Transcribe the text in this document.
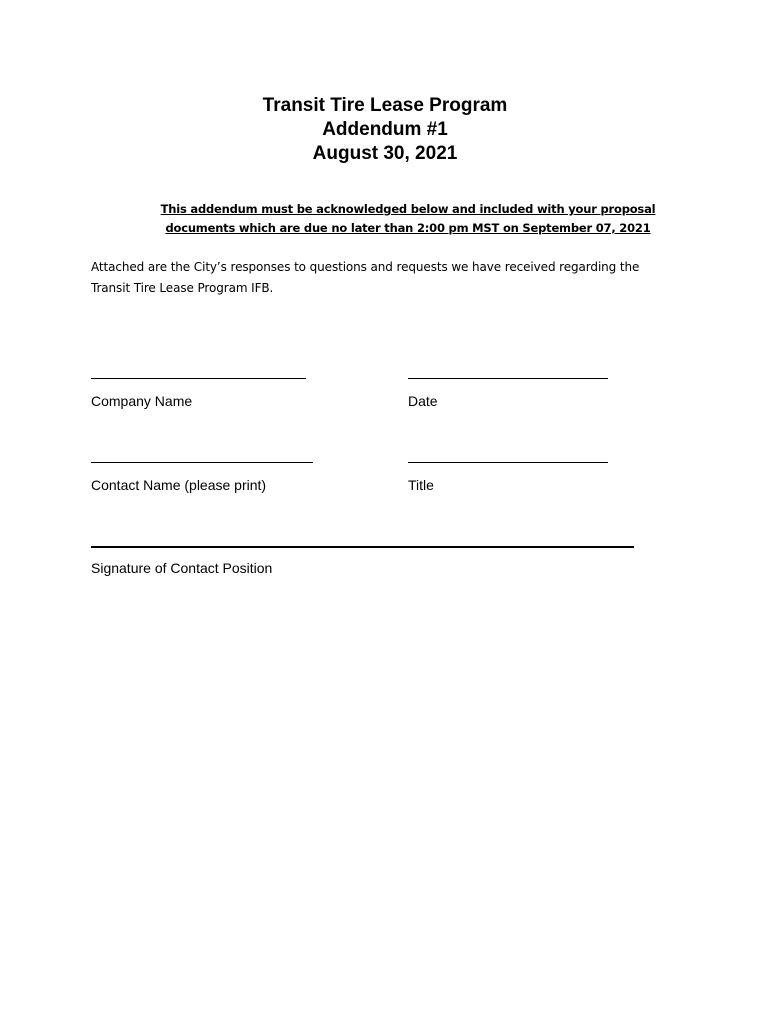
Transit Tire Lease Program
Addendum #1
August 30, 2021
This addendum must be acknowledged below and included with your proposal
documents which are due no later than 2:00 pm MST on September 07, 2021
Attached are the City’s responses to questions and requests we have received regarding the
Transit Tire Lease Program IFB.
Company Name	Date
Contact Name (please print)	Title
Signature of Contact Position
